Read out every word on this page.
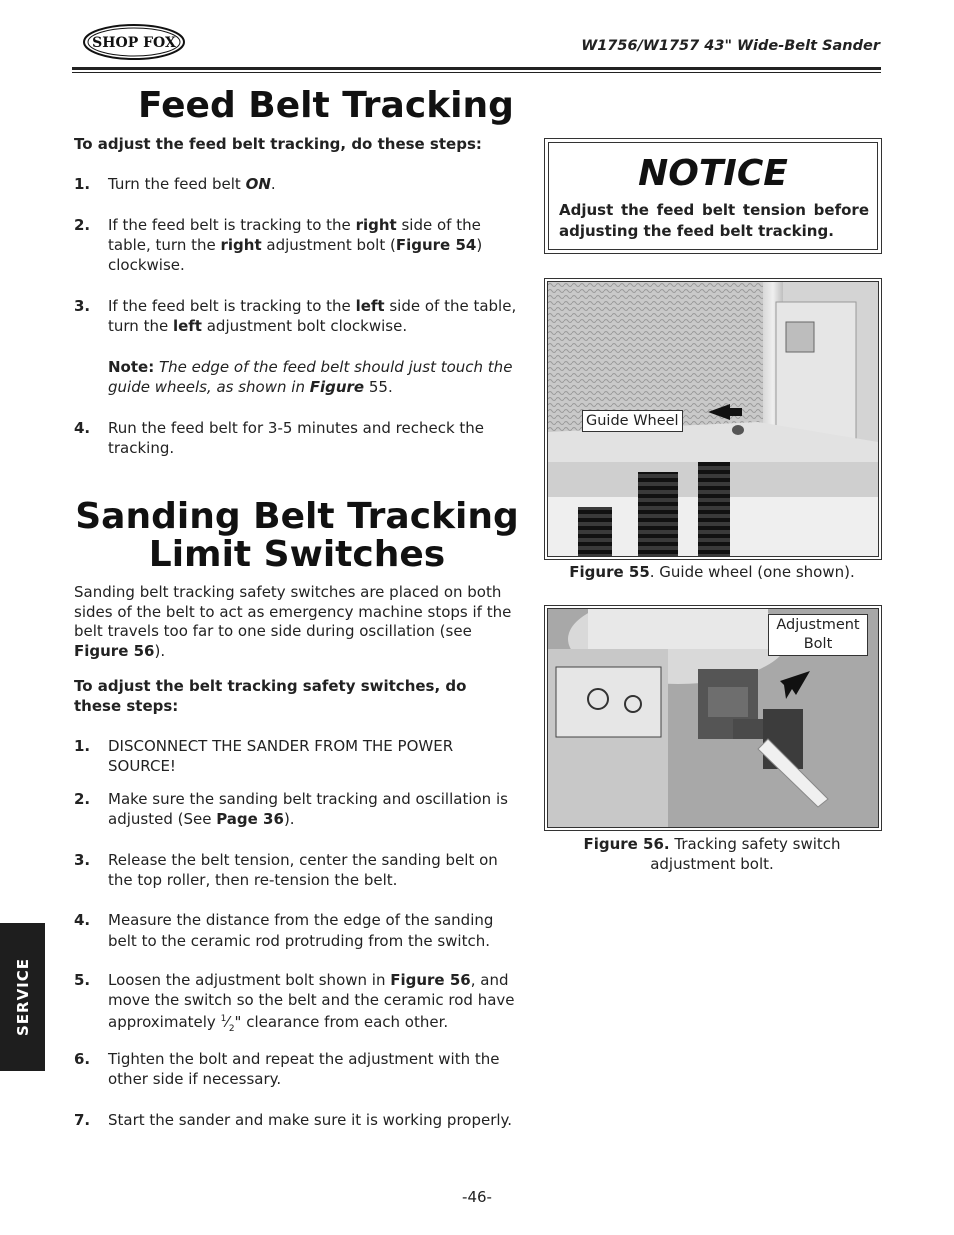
SHOP FOX	W1756/W1757 43" Wide-Belt Sander
Feed Belt Tracking
To adjust the feed belt tracking, do these steps:
1. Turn the feed belt ON.
2. If the feed belt is tracking to the right side of the table, turn the right adjustment bolt (Figure 54) clockwise.
3. If the feed belt is tracking to the left side of the table, turn the left adjustment bolt clockwise.
Note: The edge of the feed belt should just touch the guide wheels, as shown in Figure 55.
4. Run the feed belt for 3-5 minutes and recheck the tracking.
Sanding Belt Tracking
Limit Switches
Sanding belt tracking safety switches are placed on both sides of the belt to act as emergency machine stops if the belt travels too far to one side during oscillation (see Figure 56).
To adjust the belt tracking safety switches, do these steps:
1. DISCONNECT THE SANDER FROM THE POWER SOURCE!
2. Make sure the sanding belt tracking and oscillation is adjusted (See Page 36).
3. Release the belt tension, center the sanding belt on the top roller, then re-tension the belt.
4. Measure the distance from the edge of the sanding belt to the ceramic rod protruding from the switch.
5. Loosen the adjustment bolt shown in Figure 56, and move the switch so the belt and the ceramic rod have approximately $^1⁄_2$" clearance from each other.
6. Tighten the bolt and repeat the adjustment with the other side if necessary.
7. Start the sander and make sure it is working properly.
NOTICE
Adjust the feed belt tension before adjusting the feed belt tracking.
Guide Wheel
Figure 55. Guide wheel (one shown).
Adjustment
Bolt
Figure 56. Tracking safety switch adjustment bolt.
SERVICE
-46-
